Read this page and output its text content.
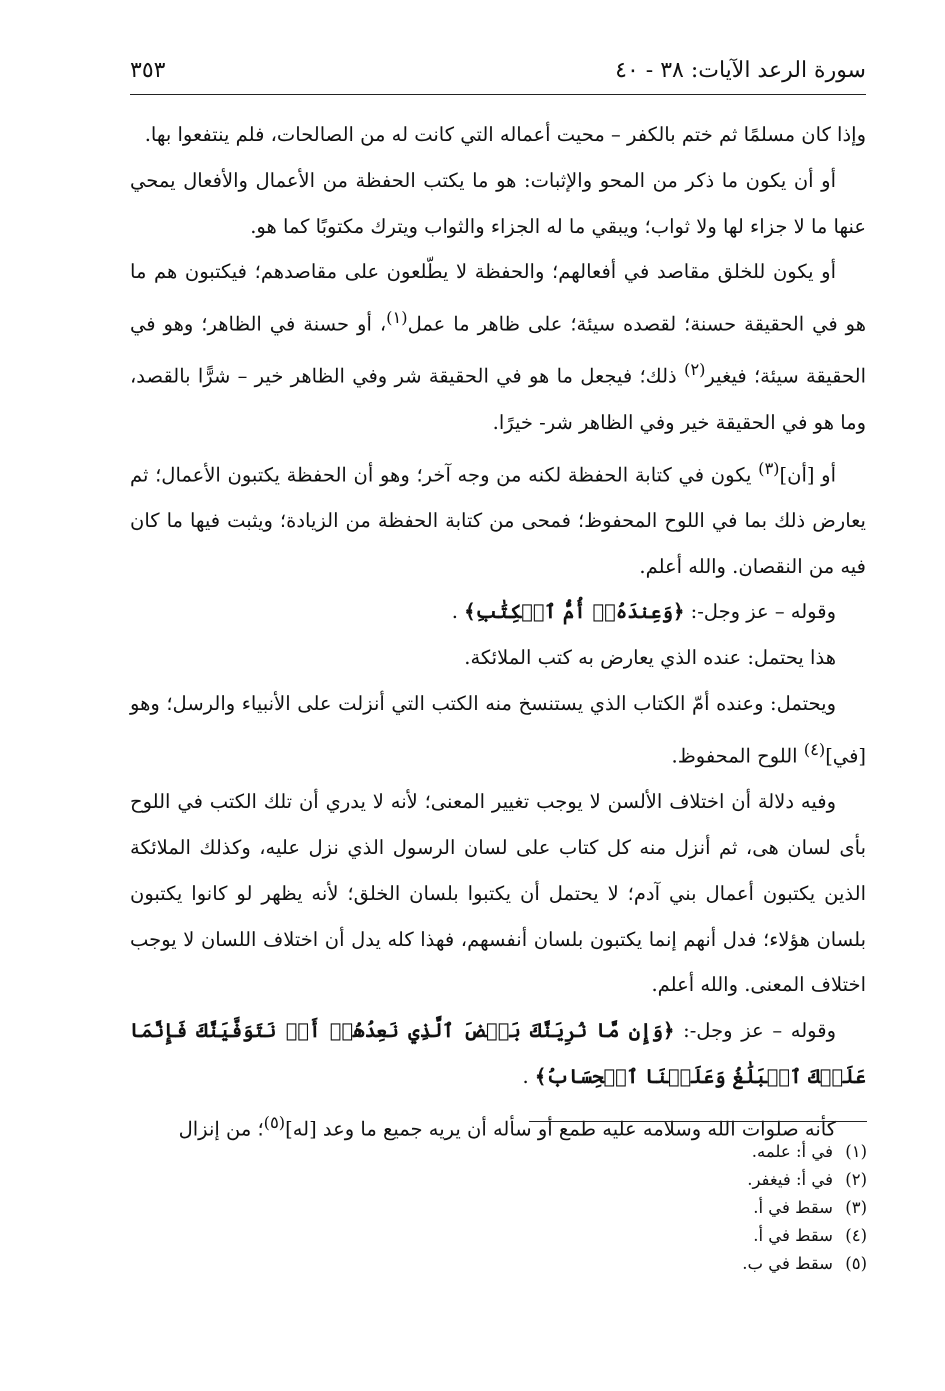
سورة الرعد الآيات: ٣٨ - ٤٠
٣٥٣

وإذا كان مسلمًا ثم ختم بالكفر – محيت أعماله التي كانت له من الصالحات، فلم ينتفعوا بها.

أو أن يكون ما ذكر من المحو والإثبات: هو ما يكتب الحفظة من الأعمال والأفعال يمحي عنها ما لا جزاء لها ولا ثواب؛ ويبقي ما له الجزاء والثواب ويترك مكتوبًا كما هو.

أو يكون للخلق مقاصد في أفعالهم؛ والحفظة لا يطّلعون على مقاصدهم؛ فيكتبون هم ما هو في الحقيقة حسنة؛ لقصده سيئة؛ على ظاهر ما عمل$^{(١)}$، أو حسنة في الظاهر؛ وهو في الحقيقة سيئة؛ فيغير$^{(٢)}$ ذلك؛ فيجعل ما هو في الحقيقة شر وفي الظاهر خير – شرًّا بالقصد، وما هو في الحقيقة خير وفي الظاهر شر- خيرًا.

أو [أن]$^{(٣)}$ يكون في كتابة الحفظة لكنه من وجه آخر؛ وهو أن الحفظة يكتبون الأعمال؛ ثم يعارض ذلك بما في اللوح المحفوظ؛ فمحى من كتابة الحفظة من الزيادة؛ ويثبت فيها ما كان فيه من النقصان. والله أعلم.

وقوله – عز وجل-: ﴿وَعِندَهُۥٓ أُمُّ ٱلۡكِتَٰبِ﴾ .

هذا يحتمل: عنده الذي يعارض به كتب الملائكة.

ويحتمل: وعنده أمّ الكتاب الذي يستنسخ منه الكتب التي أنزلت على الأنبياء والرسل؛ وهو [في]$^{(٤)}$ اللوح المحفوظ.

وفيه دلالة أن اختلاف الألسن لا يوجب تغيير المعنى؛ لأنه لا يدري أن تلك الكتب في اللوح بأى لسان هى، ثم أنزل منه كل كتاب على لسان الرسول الذي نزل عليه، وكذلك الملائكة الذين يكتبون أعمال بني آدم؛ لا يحتمل أن يكتبوا بلسان الخلق؛ لأنه يظهر لو كانوا يكتبون بلسان هؤلاء؛ فدل أنهم إنما يكتبون بلسان أنفسهم، فهذا كله يدل أن اختلاف اللسان لا يوجب اختلاف المعنى. والله أعلم.

وقوله – عز وجل-: ﴿وَإِن مَّا نُرِيَنَّكَ بَعۡضَ ٱلَّذِي نَعِدُهُمۡ أَوۡ نَتَوَفَّيَنَّكَ فَإِنَّمَا عَلَيۡكَ ٱلۡبَلَٰغُ وَعَلَيۡنَا ٱلۡحِسَابُ﴾ .

كأنه صلوات الله وسلامه عليه طمع أو سأله أن يريه جميع ما وعد [له]$^{(٥)}$؛ من إنزال

(١)في أ: علمه.
(٢)في أ: فيغفر.
(٣)سقط في أ.
(٤)سقط في أ.
(٥)سقط في ب.
